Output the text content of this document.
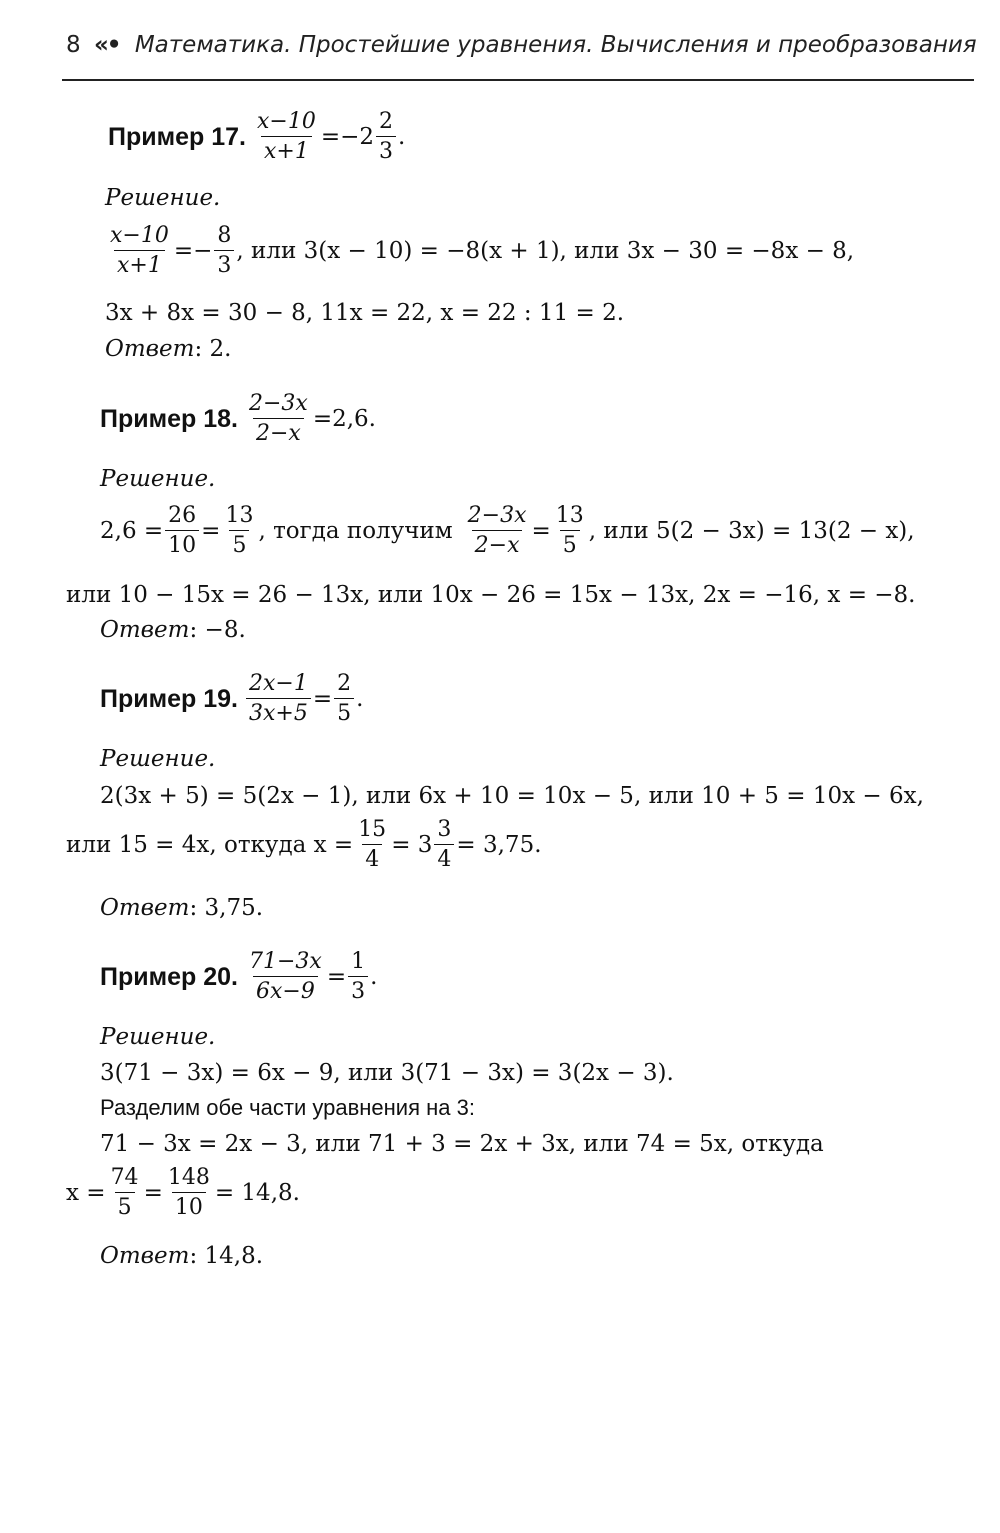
8 «• Математика. Простейшие уравнения. Вычисления и преобразования
Пример 17. $\frac{x-10}{x+1} =-2 \frac{2}{3}$ .
Решение.
$\frac{x-10}{x+1} =- \frac{8}{3}$ , или 3(x − 10) = −8(x + 1), или 3x − 30 = −8x − 8,
3x + 8x = 30 − 8, 11x = 22, x = 22 : 11 = 2.
Ответ: 2.
Пример 18. $\frac{2-3x}{2-x} =2,6$.
Решение.
$2,6 = \frac{26}{10} = \frac{13}{5}$ , тогда получим $\frac{2-3x}{2-x} = \frac{13}{5}$ , или 5(2 − 3x) = 13(2 − x),
или 10 − 15x = 26 − 13x, или 10x − 26 = 15x − 13x, 2x = −16, x = −8.
Ответ: −8.
Пример 19. $\frac{2x-1}{3x+5} = \frac{2}{5}$ .
Решение.
2(3x + 5) = 5(2x − 1), или 6x + 10 = 10x − 5, или 10 + 5 = 10x − 6x,
или 15 = 4x, откуда $x = \frac{15}{4} = 3 \frac{3}{4} = 3,75$.
Ответ: 3,75.
Пример 20. $\frac{71-3x}{6x-9} = \frac{1}{3}$ .
Решение.
3(71 − 3x) = 6x − 9, или 3(71 − 3x) = 3(2x − 3).
Разделим обе части уравнения на 3:
71 − 3x = 2x − 3, или 71 + 3 = 2x + 3x, или 74 = 5x, откуда
$x = \frac{74}{5} = \frac{148}{10} = 14,8$.
Ответ: 14,8.
